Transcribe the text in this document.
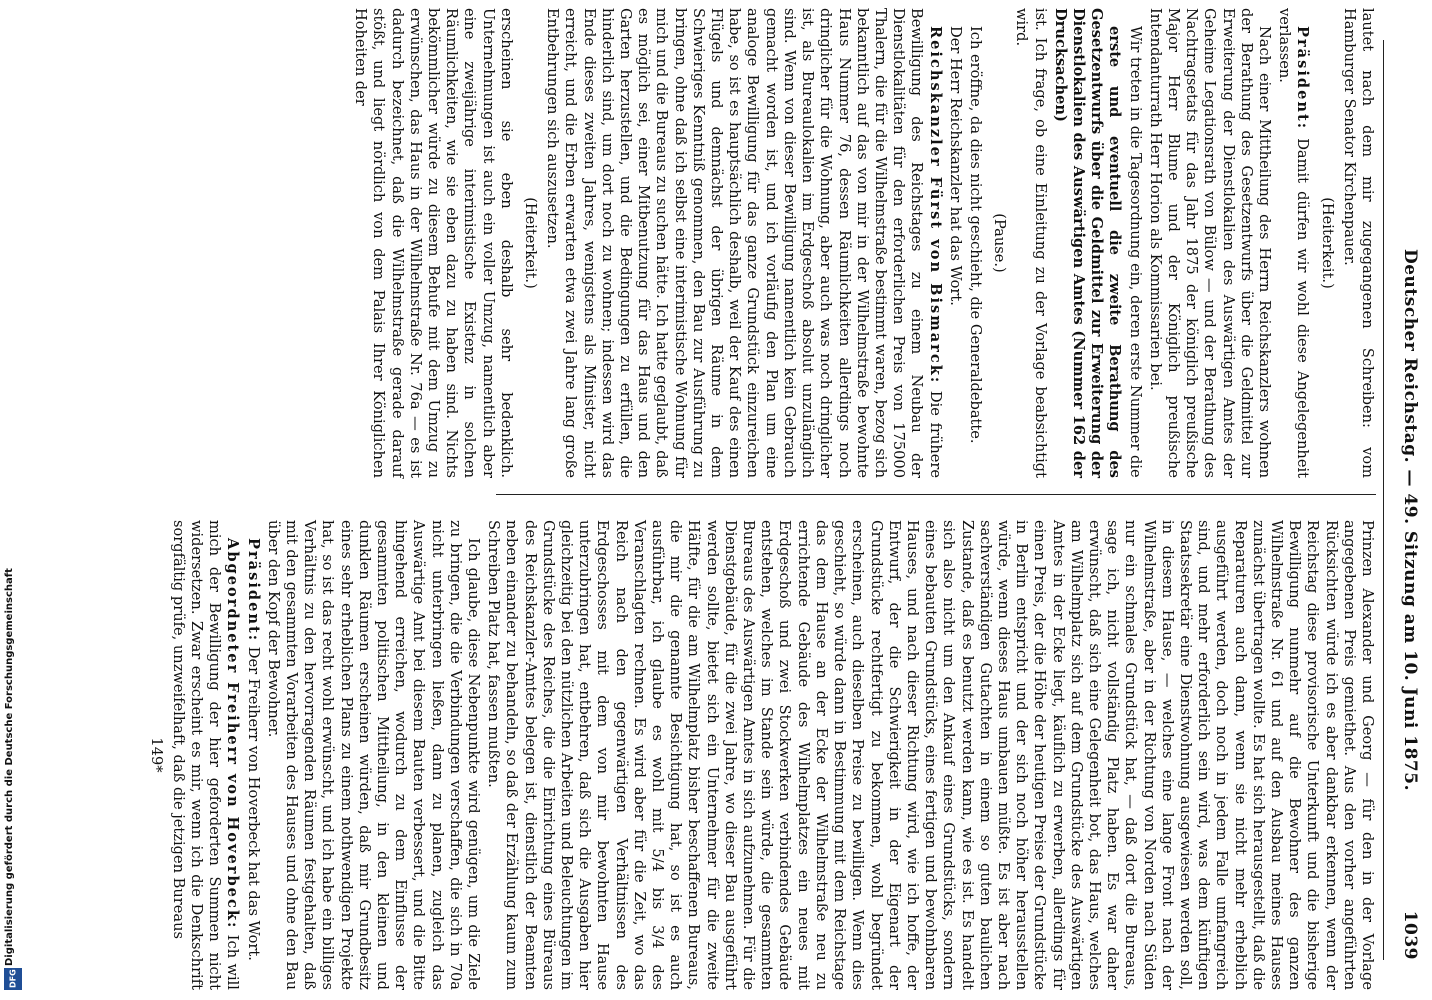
Deutscher Reichstag. — 49. Sitzung am 10. Juni 1875.
1039

lautet nach dem mir zugegangenen Schreiben: vom Hamburger Senator Kirchenpauer.

(Heiterkeit.)

Präsident: Damit dürfen wir wohl diese Angelegenheit verlassen.

Nach einer Mittheilung des Herrn Reichskanzlers wohnen der Berathung des Gesetzentwurfs über die Geldmittel zur Erweiterung der Dienstlokalien des Auswärtigen Amtes der Geheime Legationsrath von Bülow — und der Berathung des Nachtragsetats für das Jahr 1875 der königlich preußische Major Herr Blume und der Königlich preußische Intendanturrath Herr Horion als Kommissarien bei.

Wir treten in die Tagesordnung ein, deren erste Nummer die

erste und eventuell die zweite Berathung des Gesetzentwurfs über die Geldmittel zur Erweiterung der Dienstlokalien des Auswärtigen Amtes (Nummer 162 der Drucksachen)

ist. Ich frage, ob eine Einleitung zu der Vorlage beabsichtigt wird.

(Pause.)

Ich eröffne, da dies nicht geschieht, die Generaldebatte.

Der Herr Reichskanzler hat das Wort.

Reichskanzler Fürst von Bismarck: Die frühere Bewilligung des Reichstages zu einem Neubau der Dienstlokalitäten für den erforderlichen Preis von 175000 Thalern, die für die Wilhelmstraße bestimmt waren, bezog sich bekanntlich auf das von mir in der Wilhelmstraße bewohnte Haus Nummer 76, dessen Räumlichkeiten allerdings noch dringlicher für die Wohnung, aber auch was noch dringlicher ist, als Bureaulokalien im Erdgeschoß absolut unzulänglich sind. Wenn von dieser Bewilligung namentlich kein Gebrauch gemacht worden ist, und ich vorläufig den Plan um eine analoge Bewilligung für das ganze Grundstück einzureichen habe, so ist es hauptsächlich deshalb, weil der Kauf des einen Flügels und demnächst der übrigen Räume in dem Schwieriges Kenntniß genommen, den Bau zur Ausführung zu bringen, ohne daß ich selbst eine interimistische Wohnung für mich und die Bureaus zu suchen hätte. Ich hatte geglaubt, daß es möglich sei, einer Mitbenutzung für das Haus und den Garten herzustellen, und die Bedingungen zu erfüllen, die hinderlich sind, um dort noch zu wohnen; indessen wird das Ende dieses zweiten Jahres, wenigstens als Minister, nicht erreicht, und die Erben erwarten etwa zwei Jahre lang große Entbehrungen sich auszusetzen.

(Heiterkeit.)

erscheinen sie eben deshalb sehr bedenklich. Unternehmungen ist auch ein voller Umzug, namentlich aber eine zweijährige interimistische Existenz in solchen Räumlichkeiten, wie sie eben dazu zu haben sind. Nichts bekömmlicher würde zu diesem Behufe mit dem Umzug zu erwünschen, das Haus in der Wilhelmstraße Nr. 76a — es ist dadurch bezeichnet, daß die Wilhelmstraße gerade darauf stößt, und liegt nördlich von dem Palais Ihrer Königlichen Hoheiten der

Prinzen Alexander und Georg — für den in der Vorlage angegebenen Preis gemiethet. Aus den vorher angeführten Rücksichten würde ich es aber dankbar erkennen, wenn der Reichstag diese provisorische Unterkunft und die bisherige Bewilligung nunmehr auf die Bewohner des ganzen Wilhelmstraße Nr. 61 und auf den Ausbau meines Hauses zunächst übertragen wollte. Es hat sich herausgestellt, daß die Reparaturen auch dann, wenn sie nicht mehr erheblich ausgeführt werden, doch noch in jedem Falle umfangreich sind, und mehr erforderlich sein wird, was dem künftigen Staatssekretär eine Dienstwohnung ausgewiesen werden soll, in diesem Hause, — welches eine lange Front nach der Wilhelmstraße, aber in der Richtung von Norden nach Süden nur ein schmales Grundstück hat, — daß dort die Bureaus, sage ich, nicht vollständig Platz haben. Es war daher erwünscht, daß sich eine Gelegenheit bot, das Haus, welches am Wilhelmplatz sich auf dem Grundstücke des Auswärtigen Amtes in der Ecke liegt, käuflich zu erwerben, allerdings für einen Preis, der die Höhe der heutigen Preise der Grundstücke in Berlin entspricht und der sich noch höher herausstellen würde, wenn dieses Haus umbauen müßte. Es ist aber nach sachverständigen Gutachten in einem so guten baulichen Zustande, daß es benutzt werden kann, wie es ist. Es handelt sich also nicht um den Ankauf eines Grundstücks, sondern eines bebauten Grundstücks, eines fertigen und bewohnbaren Hauses, und nach dieser Richtung wird, wie ich hoffe, der Entwurf, der die Schwierigkeit in der Eigenart der Grundstücke rechtfertigt zu bekommen, wohl begründet erscheinen, auch dieselben Preise zu bewilligen. Wenn dies geschieht, so würde dann in Bestimmung mit dem Reichstage das dem Hause an der Ecke der Wilhelmstraße neu zu errichtende Gebäude des Wilhelmplatzes ein neues mit Erdgeschoß und zwei Stockwerken verbindendes Gebäude entstehen, welches im Stande sein würde, die gesammten Bureaus des Auswärtigen Amtes in sich aufzunehmen. Für die Dienstgebäude, für die zwei Jahre, wo dieser Bau ausgeführt werden sollte, bietet sich ein Unternehmer für die zweite Hälfte, für die am Wilhelmplatz bisher beschaffenen Bureaus, die mir die genannte Besichtigung hat, so ist es auch ausführbar, ich glaube es wohl mit 5/4 bis 3/4 des Veranschlagten rechnen. Es wird aber für die Zeit, wo das Reich nach den gegenwärtigen Verhältnissen des Erdgeschosses mit dem von mir bewohnten Hause unterzubringen hat, entbehren, daß sich die Ausgaben hier gleichzeitig bei den nützlichen Arbeiten und Beleuchtungen im Grundstücke des Reiches, die die Einrichtung eines Büreaus des Reichskanzler-Amtes belegen ist, dienstlich der Beamten neben einander zu behandeln, so daß der Erzählung kaum zum Schreiben Platz hat, fassen mußten.

Ich glaube, diese Nebenpunkte wird genügen, um die Ziele zu bringen, die die Verbindungen verschaffen, die sich in 70a nicht unterbringen ließen, dann zu planen, zugleich das Auswärtige Amt bei diesem Bauten verbessert, und die Bitte hingehend erreichen, wodurch zu dem Einflusse der gesammten politischen Mittheilung, in den kleinen und dunklen Räumen erscheinen würden, daß mir Grundbesitz eines sehr erheblichen Plans zu einem nothwendigen Projekte hat, so ist das recht wohl erwünscht, und ich habe ein billiges Verhältnis zu den hervorragenden Räumen festgehalten, daß mit den gesammten Vorarbeiten des Hauses und ohne den Bau über den Kopf der Bewohner.

Präsident: Der Freiherr von Hoverbeck hat das Wort.

Abgeordneter Freiherr von Hoverbeck: Ich will mich der Bewilligung der hier geforderten Summen nicht widersetzen. Zwar erscheint es mir, wenn ich die Denkschrift sorgfältig prüfe, unzweifelhaft, daß die jetzigen Bureaus

149*
Digitalisierung gefördert durch die Deutsche Forschungsgemeinschaft
DFG
